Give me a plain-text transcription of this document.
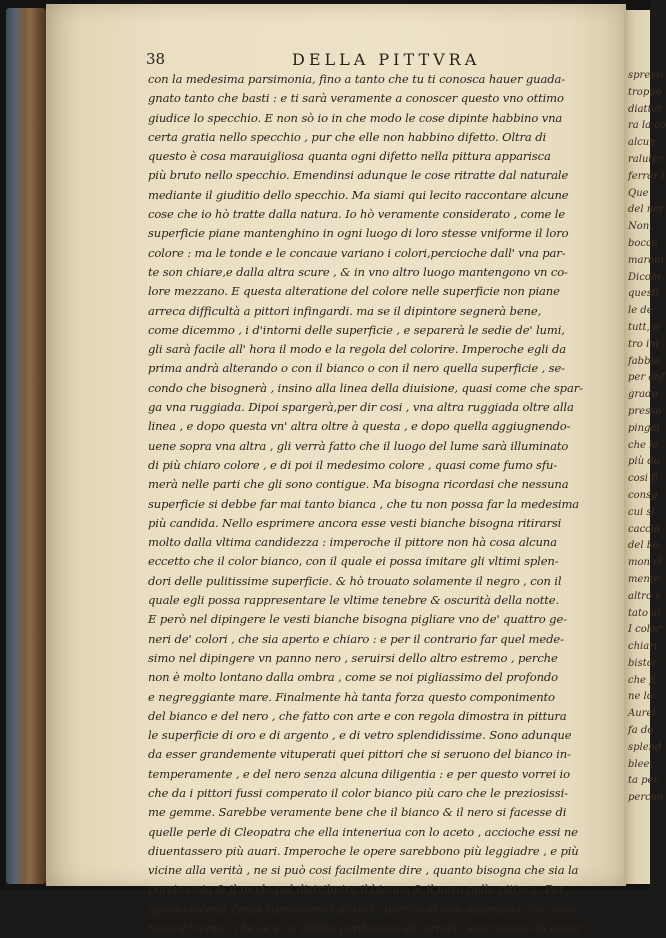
spressi
troppo
diatter
ra la co
alcun
raluter
ferrar l
Que
del ner
Non,
bocca
maraui
Dicom
questi
le de
tutt, o
tro int
fabbia
per anf
gradu
presso
pinget
che le
più do
cosi fi
consg
cui si
caccia
del bo
mon cl
mente
altro v
tato al
I color
chiari
bistor
che fi
ne lo
Aurei
fa do
splend
blee,
ta per
percuo
38	DELLA PITTVRA
con la medesima parsimonia, fino a tanto che tu ti conosca hauer guada-
gnato tanto che basti : e ti sarà veramente a conoscer questo vno ottimo
giudice lo specchio. E non sò io in che modo le cose dipinte habbino vna
certa gratia nello specchio , pur che elle non habbino difetto. Oltra di
questo è cosa marauigliosa quanta ogni difetto nella pittura apparisca
più bruto nello specchio. Emendinsi adunque le cose ritratte dal naturale
mediante il giuditio dello specchio. Ma siami qui lecito raccontare alcune
cose che io hò tratte dalla natura. Io hò veramente considerato , come le
superficie piane mantenghino in ogni luogo di loro stesse vniforme il loro
colore : ma le tonde e le concaue variano i colori,percioche dall' vna par-
te son chiare,e dalla altra scure , & in vno altro luogo mantengono vn co-
lore mezzano. E questa alteratione del colore nelle superficie non piane
arreca difficultà a pittori infingardi. ma se il dipintore segnerà bene,
come dicemmo , i d'intorni delle superficie , e separerà le sedie de' lumi,
gli sarà facile all' hora il modo e la regola del colorire. Imperoche egli da
prima andrà alterando o con il bianco o con il nero quella superficie , se-
condo che bisognerà , insino alla linea della diuisione, quasi come che spar-
ga vna ruggiada. Dipoi spargerà,per dir cosi , vna altra ruggiada oltre alla
linea , e dopo questa vn' altra oltre à questa , e dopo quella aggiugnendo-
uene sopra vna altra , gli verrà fatto che il luogo del lume sarà illuminato
di più chiaro colore , e di poi il medesimo colore , quasi come fumo sfu-
merà nelle parti che gli sono contigue. Ma bisogna ricordasi che nessuna
superficie si debbe far mai tanto bianca , che tu non possa far la medesima
più candida. Nello esprimere ancora esse vesti bianche bisogna ritirarsi
molto dalla vltima candidezza : imperoche il pittore non hà cosa alcuna
eccetto che il color bianco, con il quale ei possa imitare gli vltimi splen-
dori delle pulitissime superficie. & hò trouato solamente il negro , con il
quale egli possa rappresentare le vltime tenebre & oscurità della notte.
E però nel dipingere le vesti bianche bisogna pigliare vno de' quattro ge-
neri de' colori , che sia aperto e chiaro : e per il contrario far quel mede-
simo nel dipingere vn panno nero , seruirsi dello altro estremo , perche
non è molto lontano dalla ombra , come se noi pigliassimo del profondo
e negreggiante mare. Finalmente hà tanta forza questo componimento
del bianco e del nero , che fatto con arte e con regola dimostra in pittura
le superficie di oro e di argento , e di vetro splendidissime. Sono adunque
da esser grandemente vituperati quei pittori che si seruono del bianco in-
temperamente , e del nero senza alcuna diligentia : e per questo vorrei io
che da i pittori fussi comperato il color bianco più caro che le preziosissi-
me gemme. Sarebbe veramente bene che il bianco & il nero si facesse di
quelle perle di Cleopatra che ella inteneriua con lo aceto , accioche essi ne
diuentassero più auari. Imperoche le opere sarebbono più leggiadre , e più
vicine alla verità , ne si può cosi facilmente dire , quanto bisogna che sia la
parsimonia & il modo nel distribuire il bianco & il nero nella pittura. Per
questo soleua Zeusi riprendere i pittori , perche ei non sapeuano che cosa
fussi il troppo, che se ei si debbe perdonare alli errori , son manco da esser
